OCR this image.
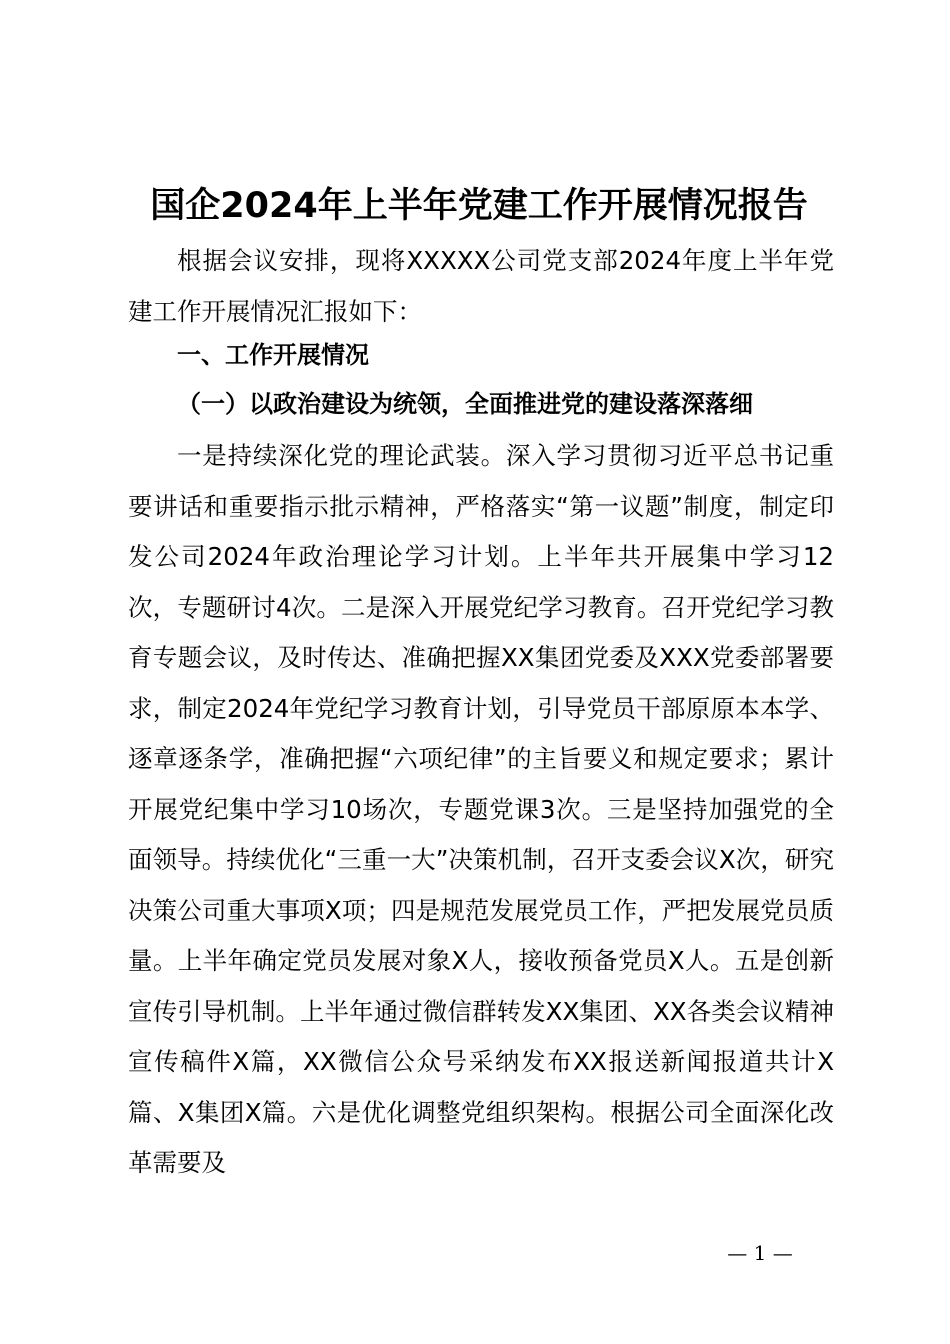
国企2024年上半年党建工作开展情况报告

根据会议安排，现将XXXXX公司党支部2024年度上半年党建工作开展情况汇报如下：

一、工作开展情况
（一）以政治建设为统领，全面推进党的建设落深落细

一是持续深化党的理论武装。深入学习贯彻习近平总书记重要讲话和重要指示批示精神，严格落实“第一议题”制度，制定印发公司2024年政治理论学习计划。上半年共开展集中学习12次，专题研讨4次。二是深入开展党纪学习教育。召开党纪学习教育专题会议，及时传达、准确把握XX集团党委及XXX党委部署要求，制定2024年党纪学习教育计划，引导党员干部原原本本学、逐章逐条学，准确把握“六项纪律”的主旨要义和规定要求；累计开展党纪集中学习10场次，专题党课3次。三是坚持加强党的全面领导。持续优化“三重一大”决策机制，召开支委会议X次，研究决策公司重大事项X项；四是规范发展党员工作，严把发展党员质量。上半年确定党员发展对象X人，接收预备党员X人。五是创新宣传引导机制。上半年通过微信群转发XX集团、XX各类会议精神宣传稿件X篇，XX微信公众号采纳发布XX报送新闻报道共计X篇、X集团X篇。六是优化调整党组织架构。根据公司全面深化改革需要及

— 1 —
